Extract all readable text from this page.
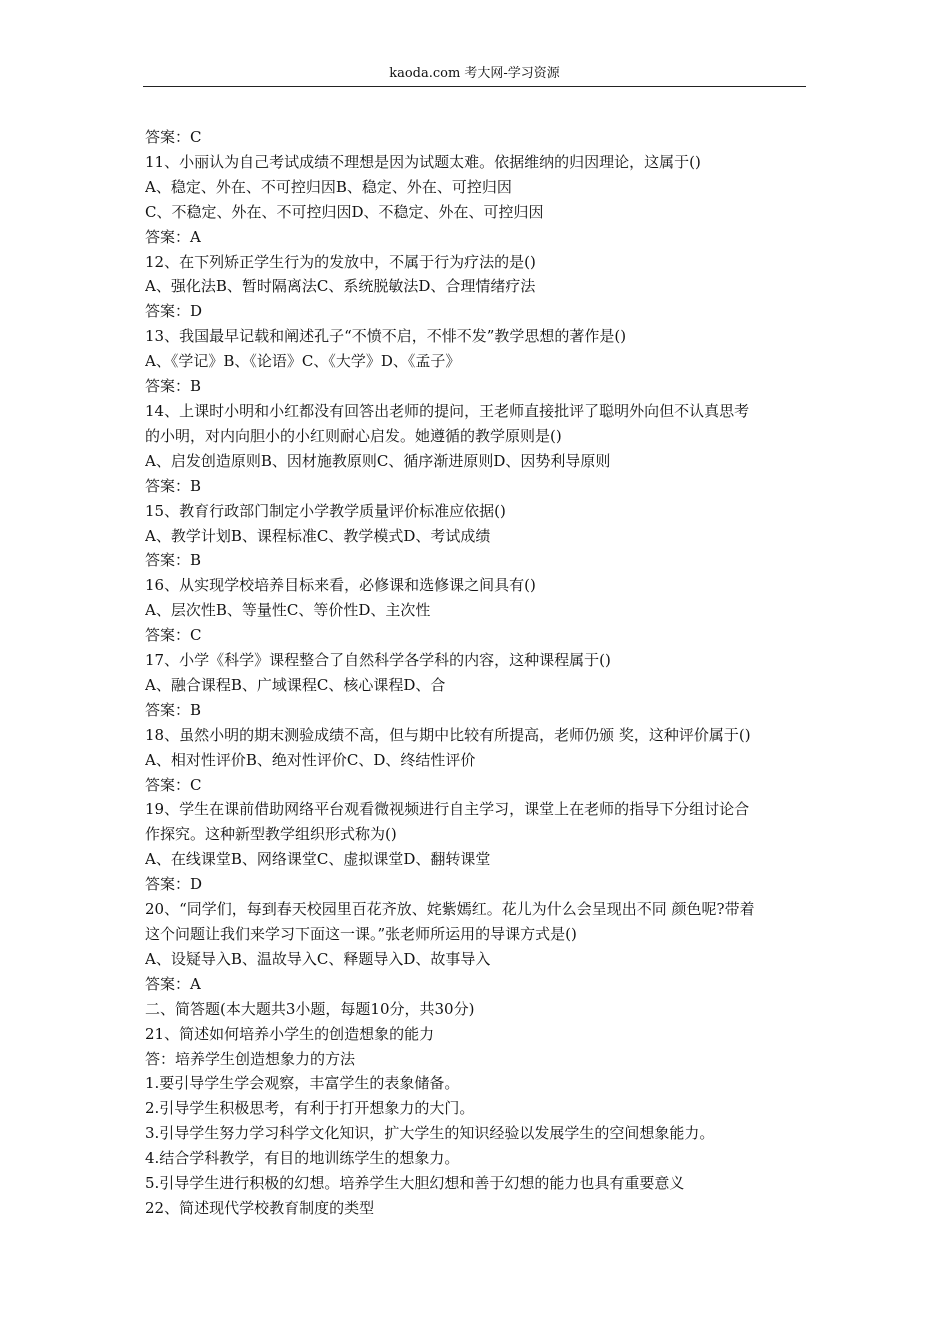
kaoda.com 考大网-学习资源
答案：C
11、小丽认为自己考试成绩不理想是因为试题太难。依据维纳的归因理论，这属于()
A、稳定、外在、不可控归因B、稳定、外在、可控归因
C、不稳定、外在、不可控归因D、不稳定、外在、可控归因
答案：A
12、在下列矫正学生行为的发放中，不属于行为疗法的是()
A、强化法B、暂时隔离法C、系统脱敏法D、合理情绪疗法
答案：D
13、我国最早记载和阐述孔子“不愤不启，不悱不发”教学思想的著作是()
A、《学记》B、《论语》C、《大学》D、《孟子》
答案：B
14、上课时小明和小红都没有回答出老师的提问，王老师直接批评了聪明外向但不认真思考
的小明，对内向胆小的小红则耐心启发。她遵循的教学原则是()
A、启发创造原则B、因材施教原则C、循序渐进原则D、因势利导原则
答案：B
15、教育行政部门制定小学教学质量评价标准应依据()
A、教学计划B、课程标准C、教学模式D、考试成绩
答案：B
16、从实现学校培养目标来看，必修课和选修课之间具有()
A、层次性B、等量性C、等价性D、主次性
答案：C
17、小学《科学》课程整合了自然科学各学科的内容，这种课程属于()
A、融合课程B、广域课程C、核心课程D、合
答案：B
18、虽然小明的期末测验成绩不高，但与期中比较有所提高，老师仍颁 奖，这种评价属于()
A、相对性评价B、绝对性评价C、D、终结性评价
答案：C
19、学生在课前借助网络平台观看微视频进行自主学习，课堂上在老师的指导下分组讨论合
作探究。这种新型教学组织形式称为()
A、在线课堂B、网络课堂C、虚拟课堂D、翻转课堂
答案：D
20、“同学们，每到春天校园里百花齐放、姹紫嫣红。花儿为什么会呈现出不同 颜色呢?带着
这个问题让我们来学习下面这一课。”张老师所运用的导课方式是()
A、设疑导入B、温故导入C、释题导入D、故事导入
答案：A
二、简答题(本大题共3小题，每题10分，共30分)
21、简述如何培养小学生的创造想象的能力
答：培养学生创造想象力的方法
1.要引导学生学会观察，丰富学生的表象储备。
2.引导学生积极思考，有利于打开想象力的大门。
3.引导学生努力学习科学文化知识，扩大学生的知识经验以发展学生的空间想象能力。
4.结合学科教学，有目的地训练学生的想象力。
5.引导学生进行积极的幻想。培养学生大胆幻想和善于幻想的能力也具有重要意义
22、简述现代学校教育制度的类型
